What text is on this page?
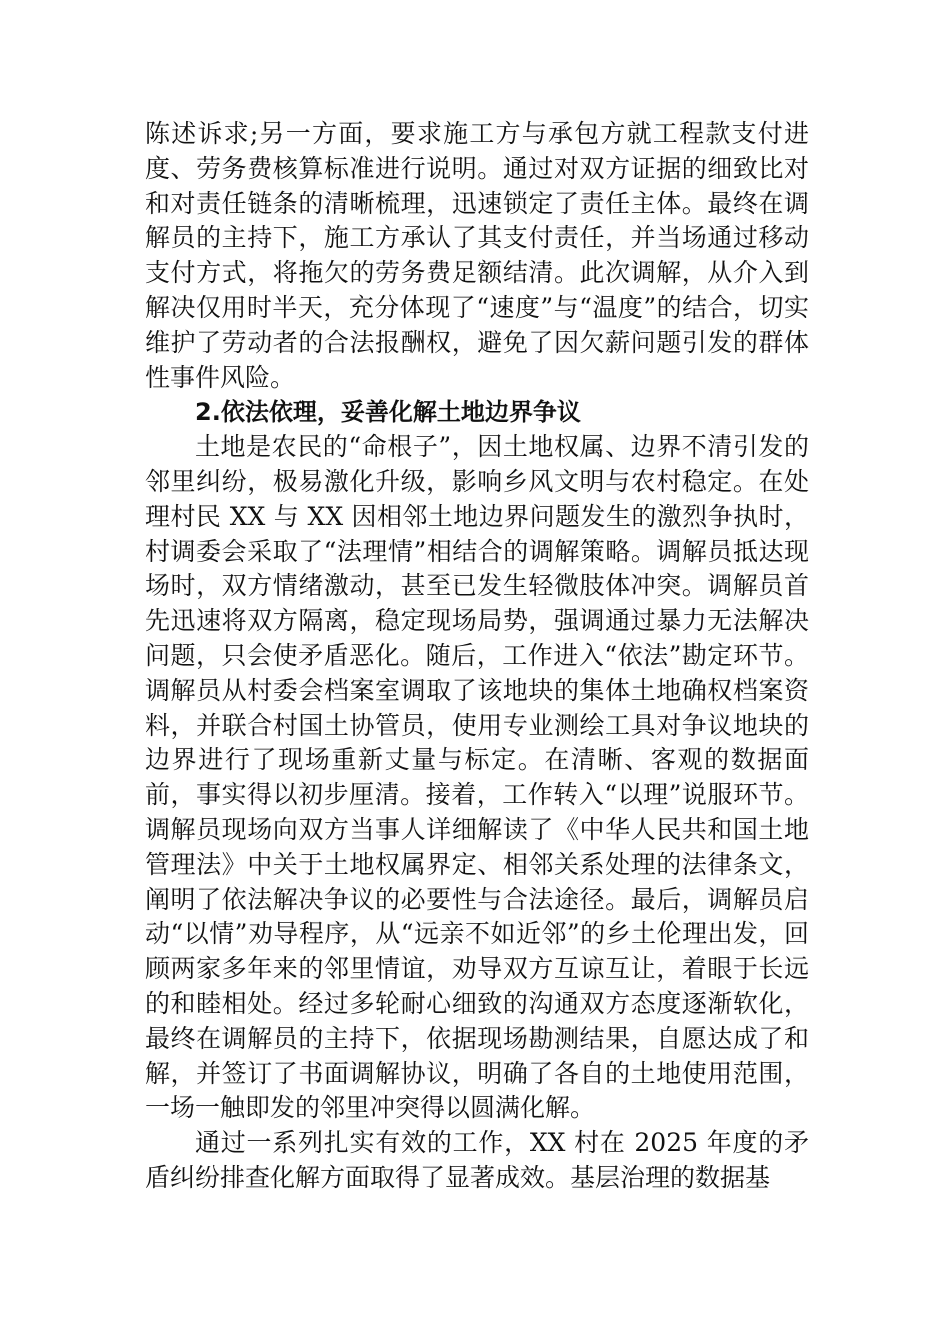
陈述诉求;另一方面，要求施工方与承包方就工程款支付进度、劳务费核算标准进行说明。通过对双方证据的细致比对和对责任链条的清晰梳理，迅速锁定了责任主体。最终在调解员的主持下，施工方承认了其支付责任，并当场通过移动支付方式，将拖欠的劳务费足额结清。此次调解，从介入到解决仅用时半天，充分体现了“速度”与“温度”的结合，切实维护了劳动者的合法报酬权，避免了因欠薪问题引发的群体性事件风险。

2.依法依理，妥善化解土地边界争议

土地是农民的“命根子”，因土地权属、边界不清引发的邻里纠纷，极易激化升级，影响乡风文明与农村稳定。在处理村民 XX 与 XX 因相邻土地边界问题发生的激烈争执时，村调委会采取了“法理情”相结合的调解策略。调解员抵达现场时，双方情绪激动，甚至已发生轻微肢体冲突。调解员首先迅速将双方隔离，稳定现场局势，强调通过暴力无法解决问题，只会使矛盾恶化。随后，工作进入“依法”勘定环节。调解员从村委会档案室调取了该地块的集体土地确权档案资料，并联合村国土协管员，使用专业测绘工具对争议地块的边界进行了现场重新丈量与标定。在清晰、客观的数据面前，事实得以初步厘清。接着，工作转入“以理”说服环节。调解员现场向双方当事人详细解读了《中华人民共和国土地管理法》中关于土地权属界定、相邻关系处理的法律条文，阐明了依法解决争议的必要性与合法途径。最后，调解员启动“以情”劝导程序，从“远亲不如近邻”的乡土伦理出发，回顾两家多年来的邻里情谊，劝导双方互谅互让，着眼于长远的和睦相处。经过多轮耐心细致的沟通双方态度逐渐软化，最终在调解员的主持下，依据现场勘测结果，自愿达成了和解，并签订了书面调解协议，明确了各自的土地使用范围，一场一触即发的邻里冲突得以圆满化解。

通过一系列扎实有效的工作，XX 村在 2025 年度的矛盾纠纷排查化解方面取得了显著成效。基层治理的数据基
